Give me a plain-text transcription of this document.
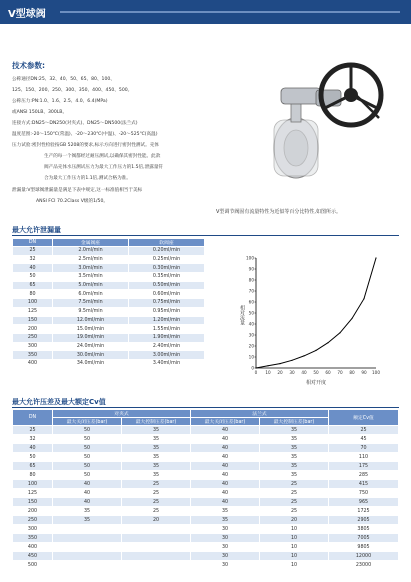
V型球阀
技术参数:
公称通径DN:25、32、40、50、65、80、100、
125、150、200、250、300、350、400、450、500。
公称压力:PN:1.0、1.6、2.5、4.0、6.4(MPa)
或ANSI 150LB、300LB。
连接方式:DN25～DN250(对夹式)、DN25～DN500(法兰式)
温度范围:-20～150℃(常温)、-20～230℃(中温)、-20～525℃(高温)
压力试验:密封性检验按GB 5208的要求,标示方向进行密封性测试。壳体
生产的每一个阀都经过耐压测试,以确保其密封性能。此款
阀产品壳体水压测试压力为最大工作压力的1.5倍,泄露量符
合为最大工作压力的1.1倍,测试合格为准。
泄漏量:V型球阀泄漏量是满足下表中规定,这一标准值相当于美标
ANSI FCI 70.2Class V级的1/50。
最大允许泄漏量
DN	金属阀座	软阀座
25	2.0ml/min	0.20ml/min
32	2.5ml/min	0.25ml/min
40	3.0ml/min	0.30ml/min
50	3.5ml/min	0.35ml/min
65	5.0ml/min	0.50ml/min
80	6.0ml/min	0.60ml/min
100	7.5ml/min	0.75ml/min
125	9.5ml/min	0.95ml/min
150	12.0ml/min	1.20ml/min
200	15.0ml/min	1.55ml/min
250	19.0ml/min	1.90ml/min
300	24.0ml/min	2.40ml/min
350	30.0ml/min	3.00ml/min
400	34.0ml/min	3.40ml/min
V型调节阀固有流量特性为近似等百分比特性,如图所示。
0
0
10
10
20
20
30
30
40
40
50
50
60
60
70
70
80
80
90
90
100
100
相对流量
相对开度
最大允许压差及最大额定Cv值
DN	对夹式		法兰式		额定Cv值
	最大关闭压差(bar)	最大控制压差(bar)	最大关闭压差(bar)	最大控制压差(bar)	
25	50	35	40	35	25
32	50	35	40	35	45
40	50	35	40	35	70
50	50	35	40	35	110
65	50	35	40	35	175
80	50	35	40	35	285
100	40	25	40	25	415
125	40	25	40	25	750
150	40	25	40	25	965
200	35	25	35	25	1725
250	35	20	35	20	2905
300			30	10	3805
350			30	10	7005
400			30	10	9805
450			30	10	12000
500			30	10	23000
